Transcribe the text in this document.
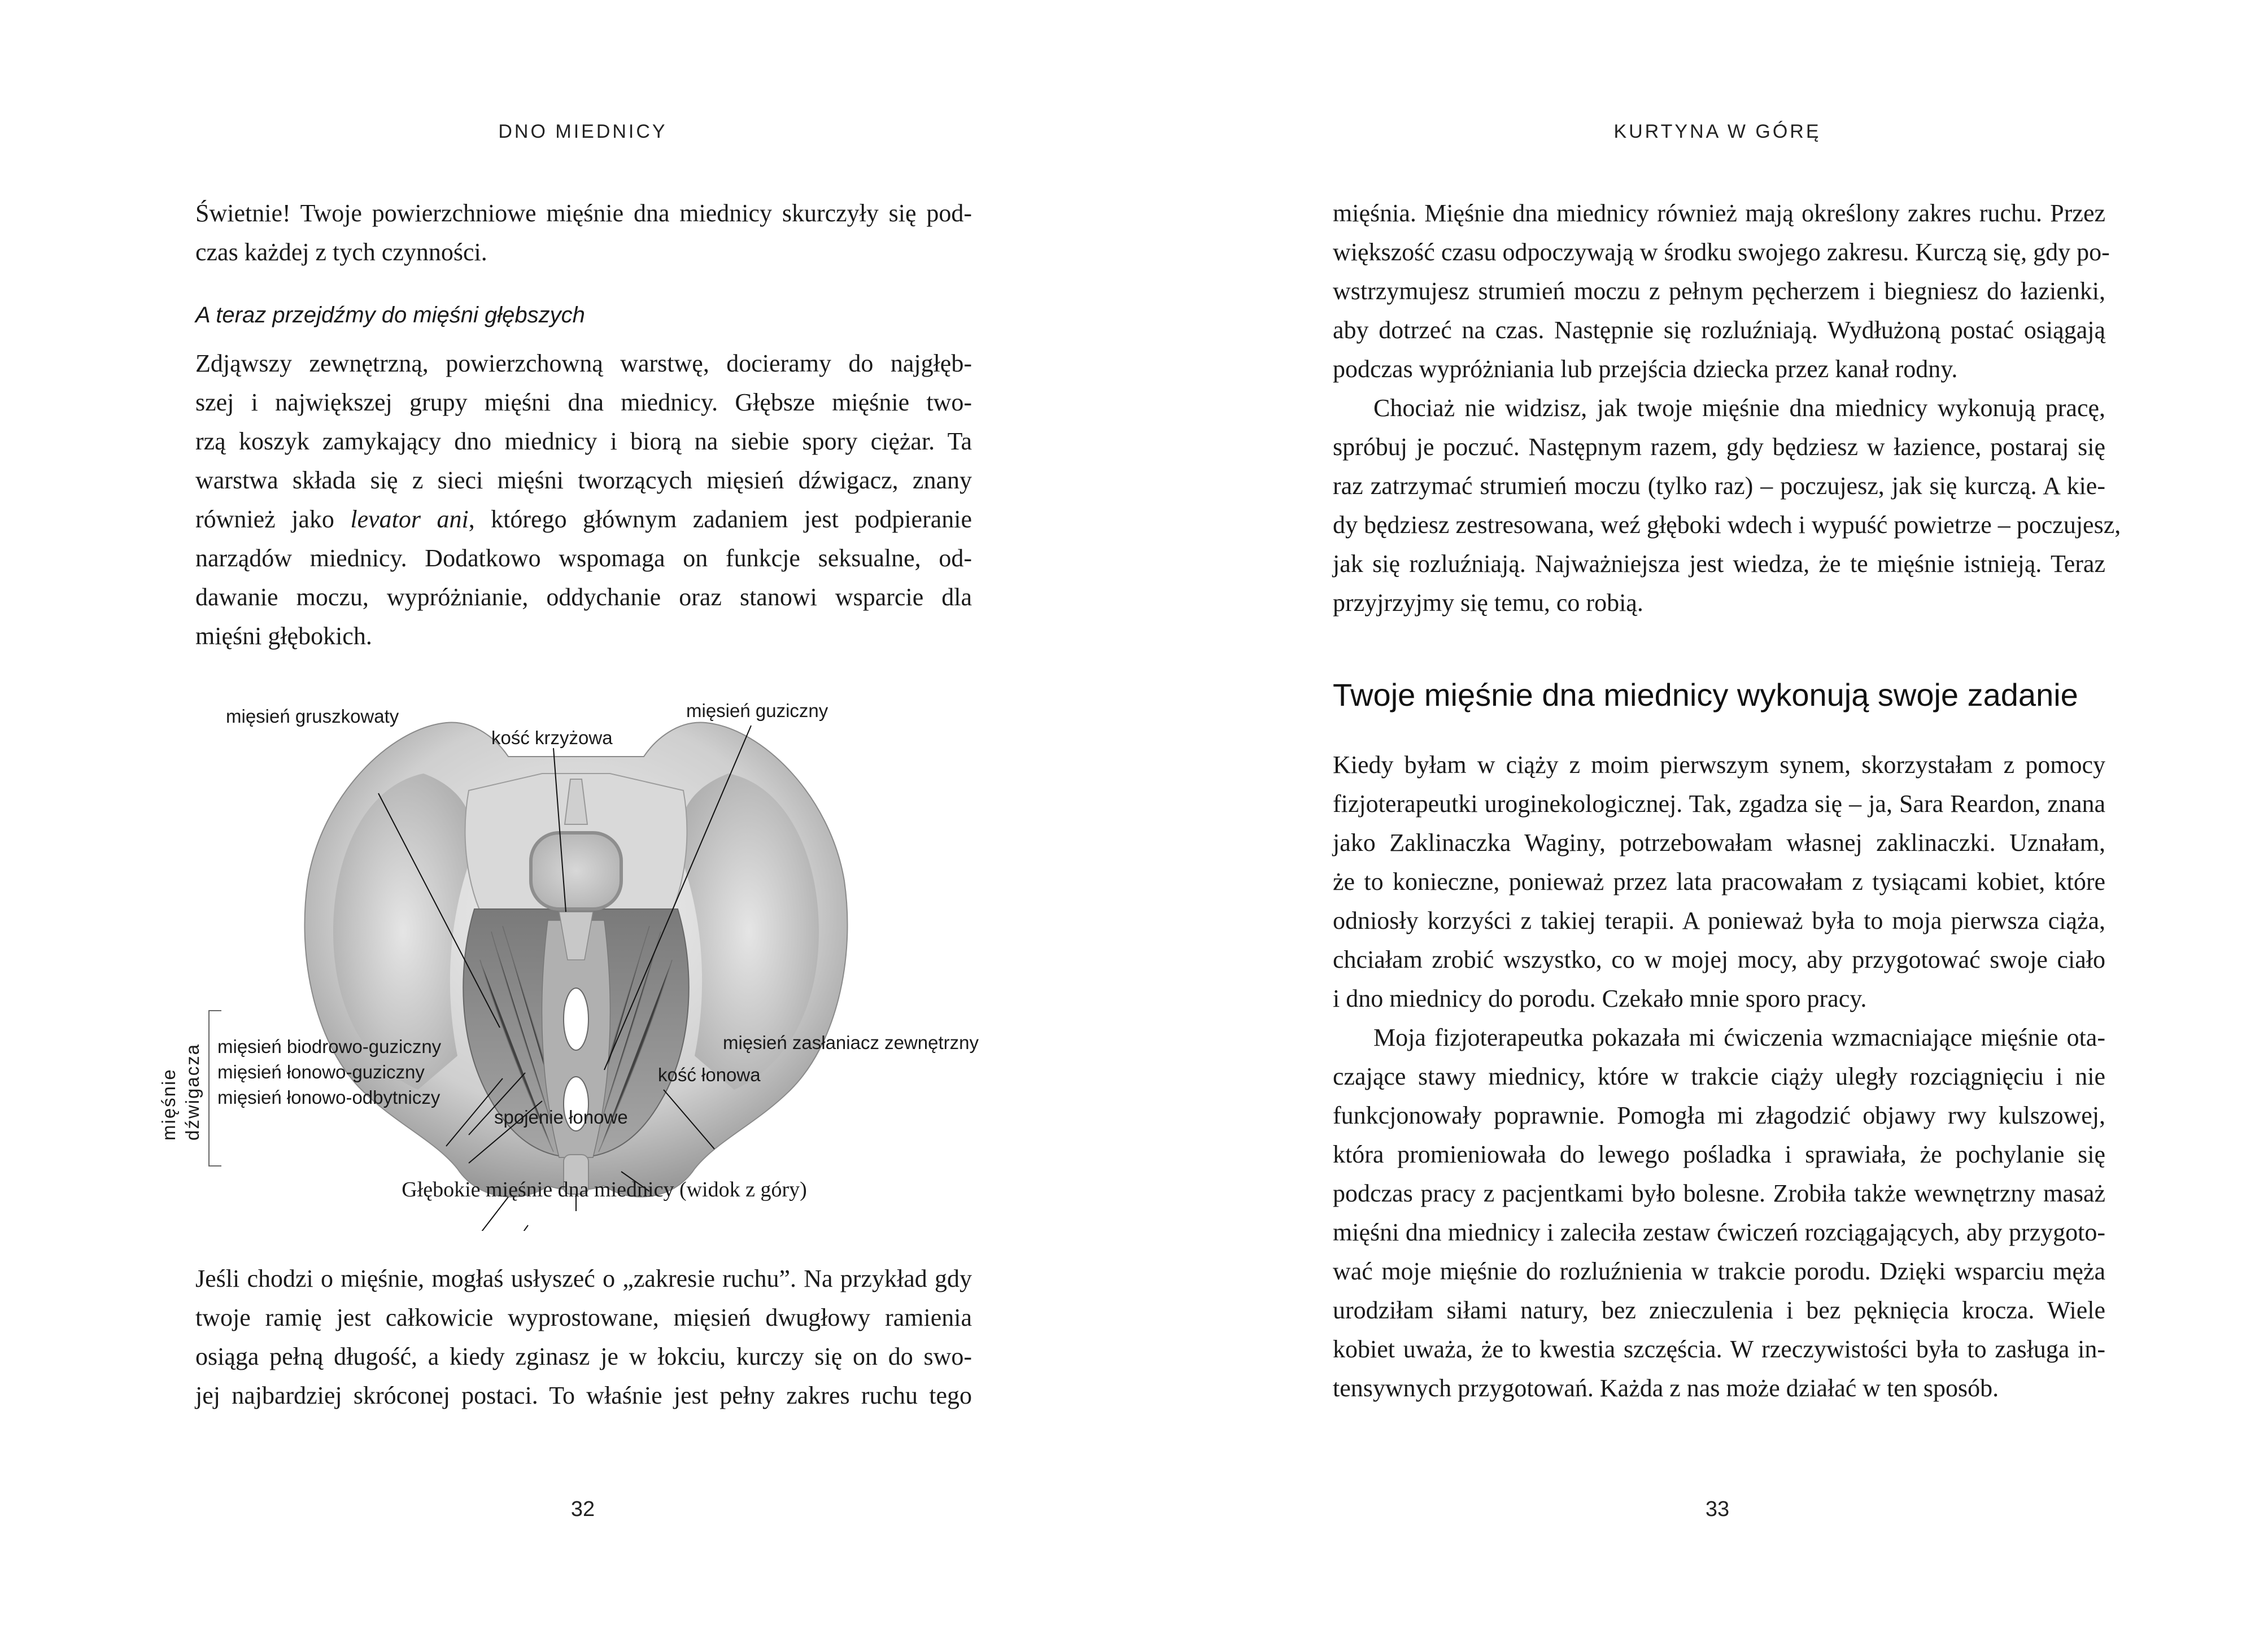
DNO MIEDNICY
Świetnie! Twoje powierzchniowe mięśnie dna miednicy skurczyły się pod-
czas każdej z tych czynności.
A teraz przejdźmy do mięśni głębszych
Zdjąwszy zewnętrzną, powierzchowną warstwę, docieramy do najgłęb-
szej i największej grupy mięśni dna miednicy. Głębsze mięśnie two-
rzą koszyk zamykający dno miednicy i biorą na siebie spory ciężar. Ta
warstwa składa się z sieci mięśni tworzących mięsień dźwigacz, znany
również jako levator ani, którego głównym zadaniem jest podpieranie
narządów miednicy. Dodatkowo wspomaga on funkcje seksualne, od-
dawanie moczu, wypróżnianie, oddychanie oraz stanowi wsparcie dla
mięśni głębokich.
mięsień gruszkowaty
kość krzyżowa
mięsień guziczny
mięsień biodrowo-guziczny
mięsień łonowo-guziczny
mięsień łonowo-odbytniczy
mięsień zasłaniacz zewnętrzny
kość łonowa
spojenie łonowe
mięśnie dźwigacza
Głębokie mięśnie dna miednicy (widok z góry)
Jeśli chodzi o mięśnie, mogłaś usłyszeć o „zakresie ruchu”. Na przykład gdy
twoje ramię jest całkowicie wyprostowane, mięsień dwugłowy ramienia
osiąga pełną długość, a kiedy zginasz je w łokciu, kurczy się on do swo-
jej najbardziej skróconej postaci. To właśnie jest pełny zakres ruchu tego
32
KURTYNA W GÓRĘ
mięśnia. Mięśnie dna miednicy również mają określony zakres ruchu. Przez
większość czasu odpoczywają w środku swojego zakresu. Kurczą się, gdy po-
wstrzymujesz strumień moczu z pełnym pęcherzem i biegniesz do łazienki,
aby dotrzeć na czas. Następnie się rozluźniają. Wydłużoną postać osiągają
podczas wypróżniania lub przejścia dziecka przez kanał rodny.
Chociaż nie widzisz, jak twoje mięśnie dna miednicy wykonują pracę,
spróbuj je poczuć. Następnym razem, gdy będziesz w łazience, postaraj się
raz zatrzymać strumień moczu (tylko raz) – poczujesz, jak się kurczą. A kie-
dy będziesz zestresowana, weź głęboki wdech i wypuść powietrze – poczujesz,
jak się rozluźniają. Najważniejsza jest wiedza, że te mięśnie istnieją. Teraz
przyjrzyjmy się temu, co robią.
Twoje mięśnie dna miednicy wykonują swoje zadanie
Kiedy byłam w ciąży z moim pierwszym synem, skorzystałam z pomocy
fizjoterapeutki uroginekologicznej. Tak, zgadza się – ja, Sara Reardon, znana
jako Zaklinaczka Waginy, potrzebowałam własnej zaklinaczki. Uznałam,
że to konieczne, ponieważ przez lata pracowałam z tysiącami kobiet, które
odniosły korzyści z takiej terapii. A ponieważ była to moja pierwsza ciąża,
chciałam zrobić wszystko, co w mojej mocy, aby przygotować swoje ciało
i dno miednicy do porodu. Czekało mnie sporo pracy.
Moja fizjoterapeutka pokazała mi ćwiczenia wzmacniające mięśnie ota-
czające stawy miednicy, które w trakcie ciąży uległy rozciągnięciu i nie
funkcjonowały poprawnie. Pomogła mi złagodzić objawy rwy kulszowej,
która promieniowała do lewego pośladka i sprawiała, że pochylanie się
podczas pracy z pacjentkami było bolesne. Zrobiła także wewnętrzny masaż
mięśni dna miednicy i zaleciła zestaw ćwiczeń rozciągających, aby przygoto-
wać moje mięśnie do rozluźnienia w trakcie porodu. Dzięki wsparciu męża
urodziłam siłami natury, bez znieczulenia i bez pęknięcia krocza. Wiele
kobiet uważa, że to kwestia szczęścia. W rzeczywistości była to zasługa in-
tensywnych przygotowań. Każda z nas może działać w ten sposób.
33
